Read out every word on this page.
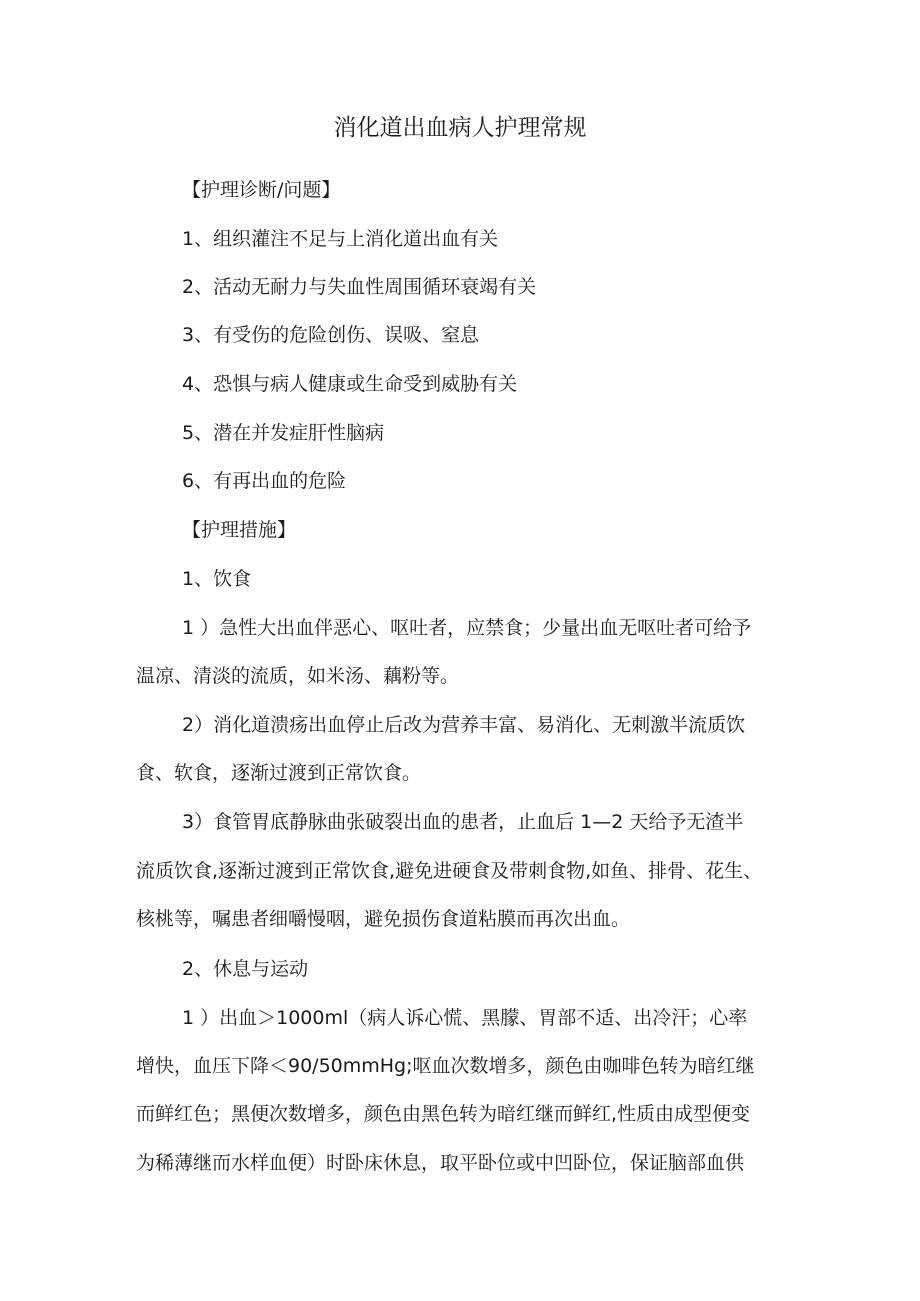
消化道出血病人护理常规

【护理诊断/问题】

1、组织灌注不足与上消化道出血有关

2、活动无耐力与失血性周围循环衰竭有关

3、有受伤的危险创伤、误吸、窒息

4、恐惧与病人健康或生命受到威胁有关

5、潜在并发症肝性脑病

6、有再出血的危险

【护理措施】

1、饮食

1 ）急性大出血伴恶心、呕吐者，应禁食；少量出血无呕吐者可给予

温凉、清淡的流质，如米汤、藕粉等。

2）消化道溃疡出血停止后改为营养丰富、易消化、无刺激半流质饮

食、软食，逐渐过渡到正常饮食。

3）食管胃底静脉曲张破裂出血的患者，止血后 1—2 天给予无渣半

流质饮食,逐渐过渡到正常饮食,避免进硬食及带刺食物,如鱼、排骨、花生、

核桃等，嘱患者细嚼慢咽，避免损伤食道粘膜而再次出血。

2、休息与运动

1 ）出血＞1000ml（病人诉心慌、黑朦、胃部不适、出冷汗；心率

增快，血压下降＜90/50mmHg;呕血次数增多，颜色由咖啡色转为暗红继

而鲜红色；黑便次数增多，颜色由黑色转为暗红继而鲜红,性质由成型便变

为稀薄继而水样血便）时卧床休息，取平卧位或中凹卧位，保证脑部血供
